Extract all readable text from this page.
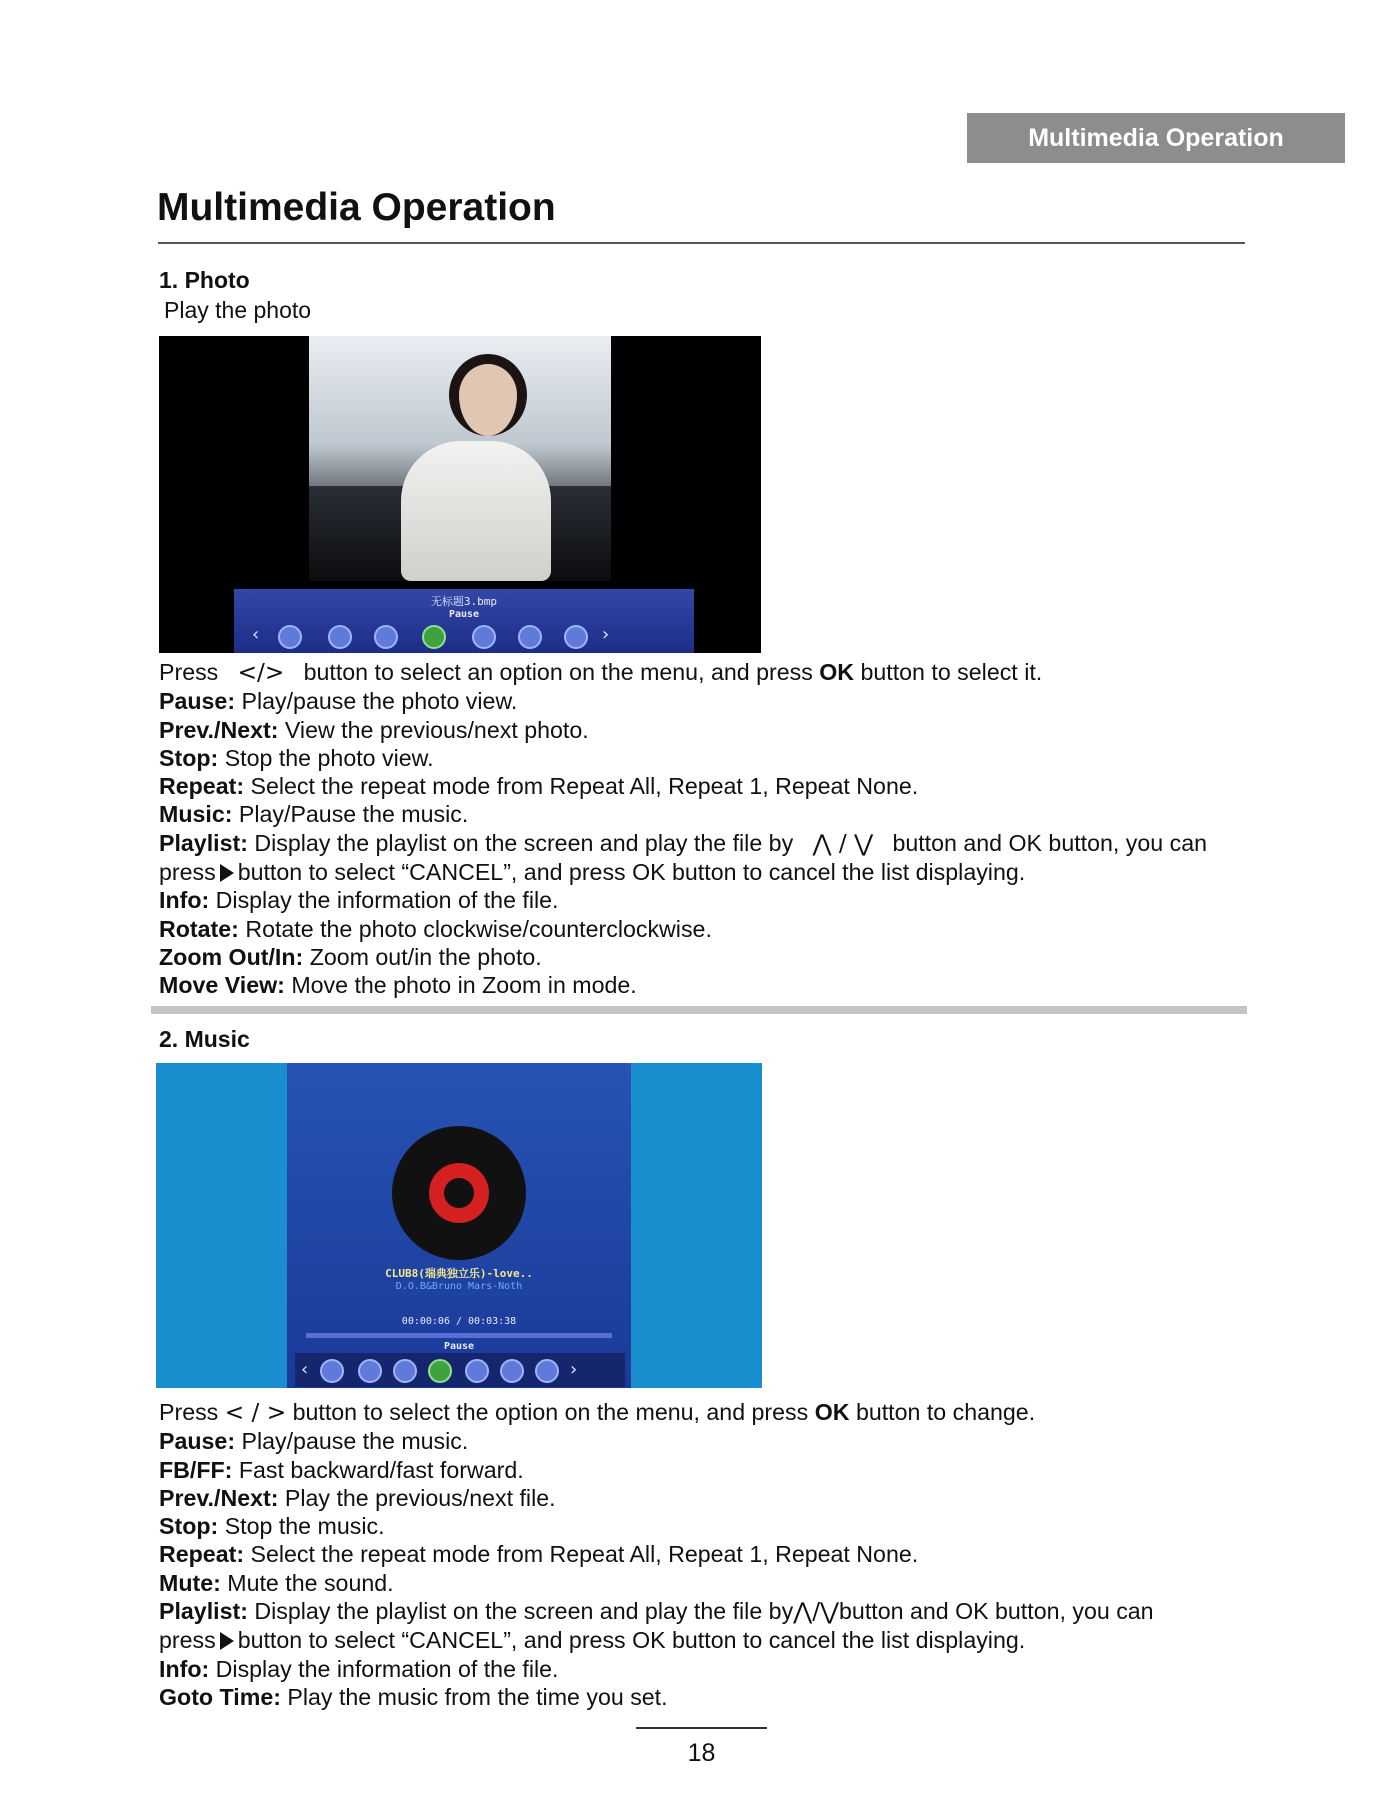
Multimedia Operation
Multimedia Operation
1. Photo
Play the photo
无标题3.bmp
Pause
‹	›

Press </> button to select an option on the menu, and press OK button to select it.

Pause: Play/pause the photo view.

Prev./Next: View the previous/next photo.

Stop: Stop the photo view.

Repeat: Select the repeat mode from Repeat All, Repeat 1, Repeat None.

Music: Play/Pause the music.

Playlist: Display the playlist on the screen and play the file by ⋀ / ⋁ button and OK button, you can

press button to select “CANCEL”, and press OK button to cancel the list displaying.

Info: Display the information of the file.

Rotate: Rotate the photo clockwise/counterclockwise.

Zoom Out/In: Zoom out/in the photo.

Move View: Move the photo in Zoom in mode.

2. Music
CLUB8(瑞典独立乐)-love..
D.O.B&Bruno Mars-Noth
00:00:06 / 00:03:38
Pause
‹	›

Press < / > button to select the option on the menu, and press OK button to change.

Pause: Play/pause the music.

FB/FF: Fast backward/fast forward.

Prev./Next: Play the previous/next file.

Stop: Stop the music.

Repeat: Select the repeat mode from Repeat All, Repeat 1, Repeat None.

Mute: Mute the sound.

Playlist: Display the playlist on the screen and play the file by⋀/⋁button and OK button, you can

press button to select “CANCEL”, and press OK button to cancel the list displaying.

Info: Display the information of the file.

Goto Time: Play the music from the time you set.

18
